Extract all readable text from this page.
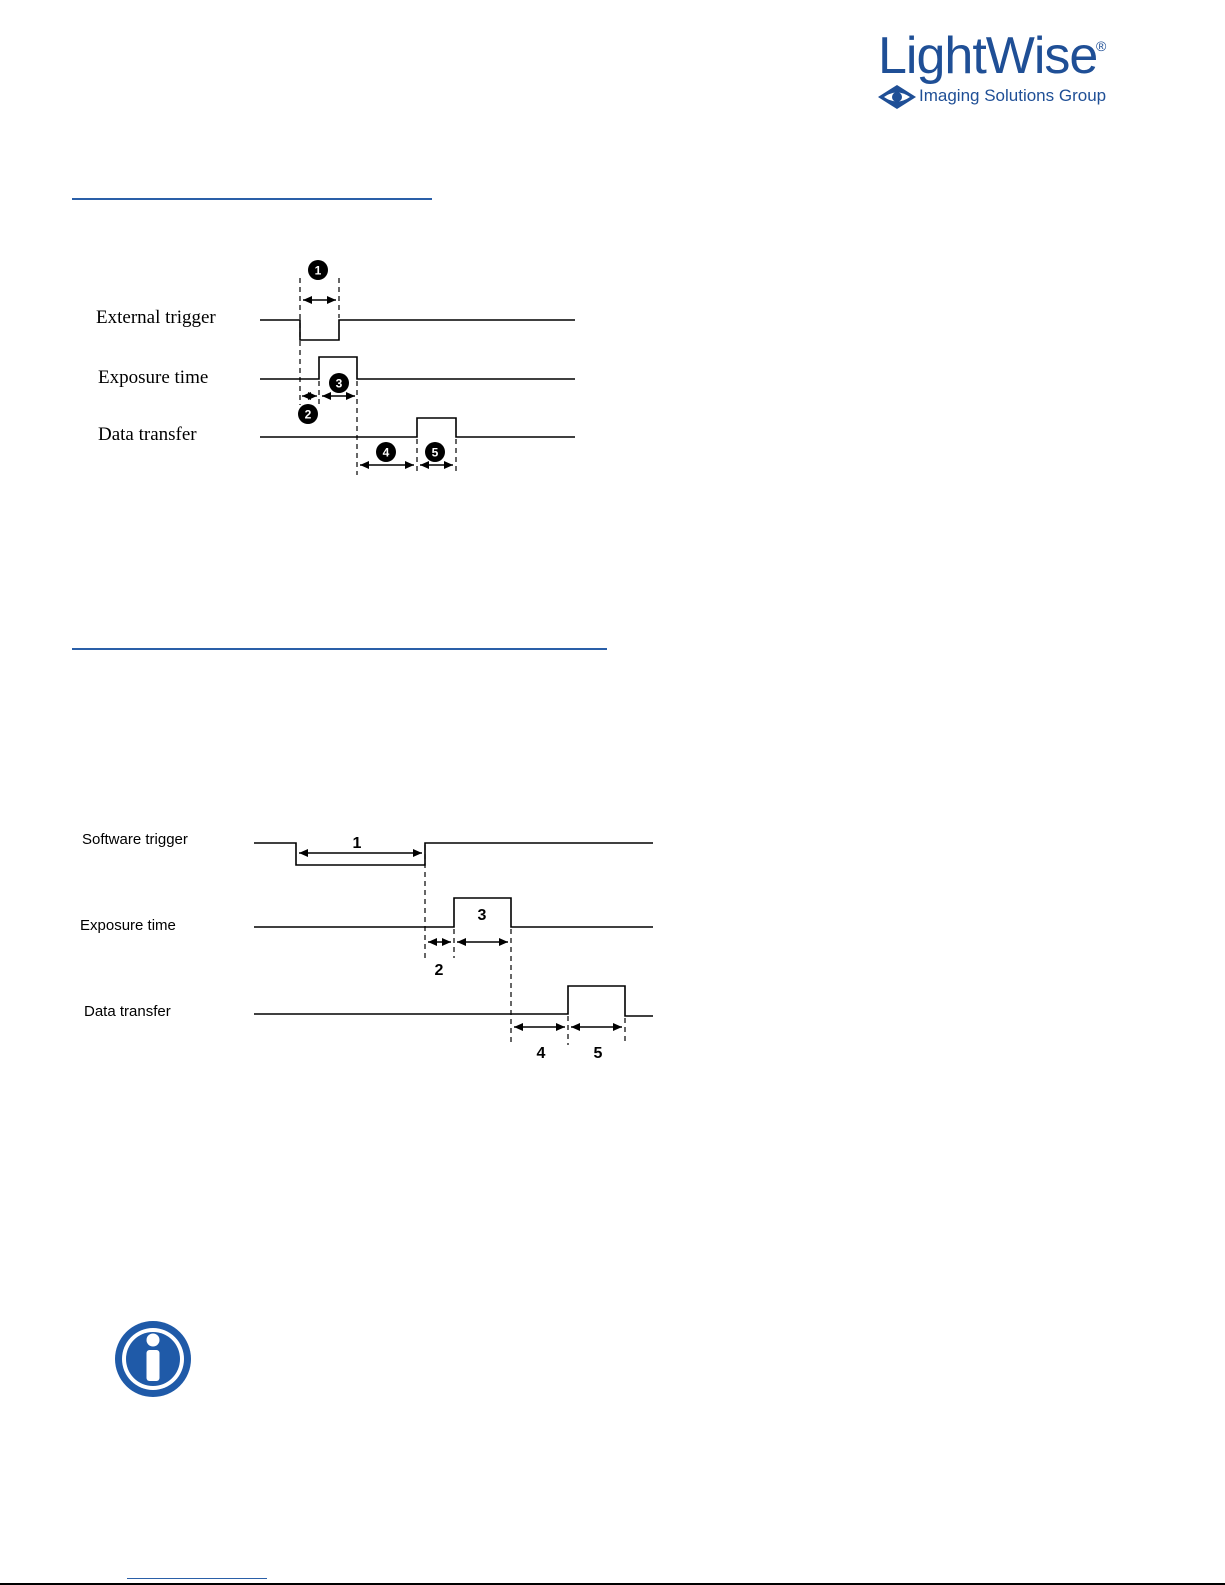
LightWise
®
Imaging Solutions Group
External trigger
Exposure time
Data transfer
Software trigger
Exposure time
Data transfer
1
2
3
4	5
1
2
3
4	5
